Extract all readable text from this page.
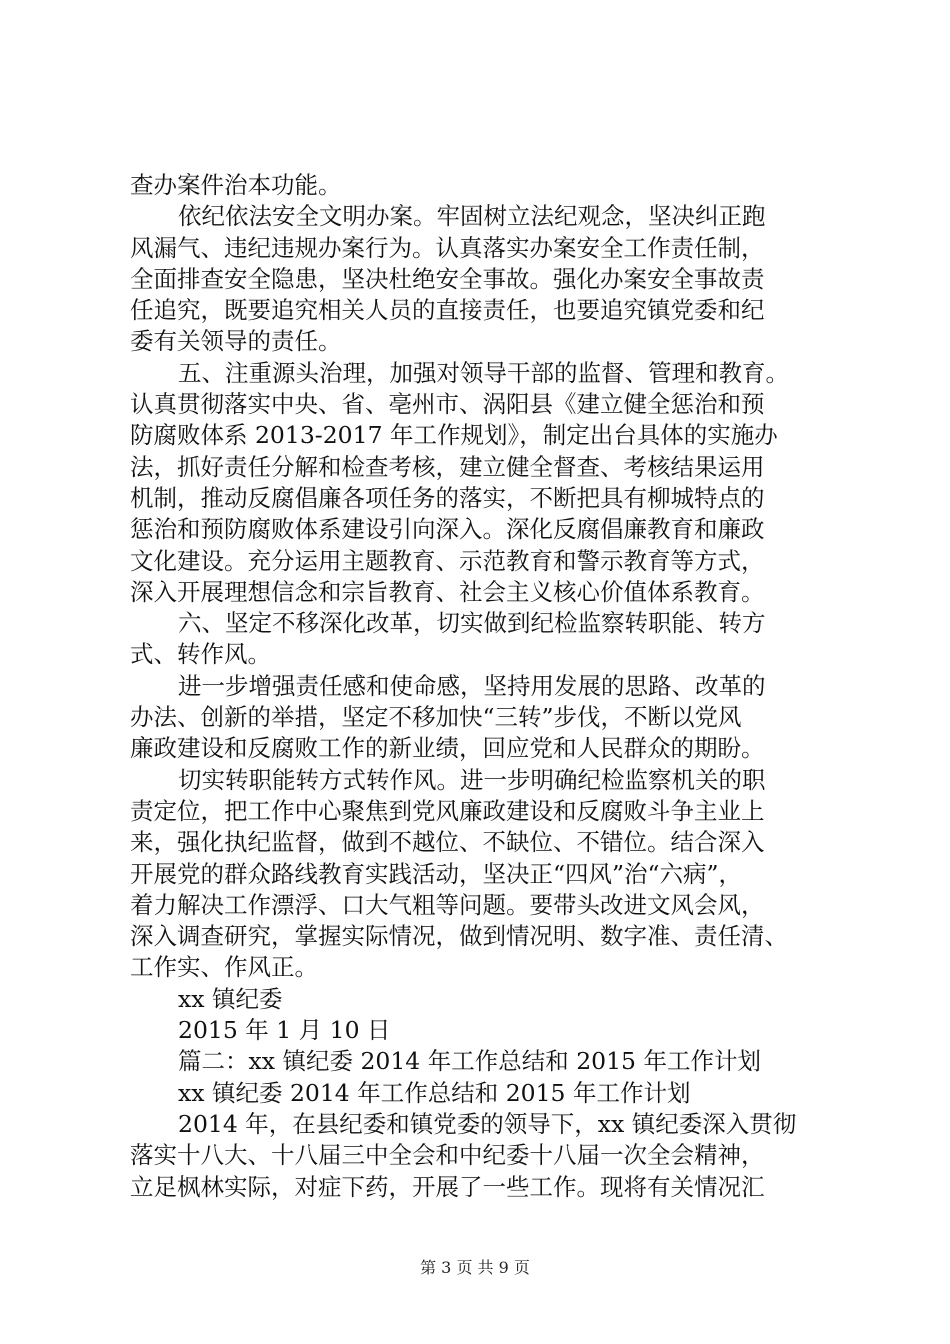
查办案件治本功能。
依纪依法安全文明办案。牢固树立法纪观念，坚决纠正跑
风漏气、违纪违规办案行为。认真落实办案安全工作责任制，
全面排查安全隐患，坚决杜绝安全事故。强化办案安全事故责
任追究，既要追究相关人员的直接责任，也要追究镇党委和纪
委有关领导的责任。
五、注重源头治理，加强对领导干部的监督、管理和教育。
认真贯彻落实中央、省、亳州市、涡阳县《建立健全惩治和预
防腐败体系 2013-2017 年工作规划》，制定出台具体的实施办
法，抓好责任分解和检查考核，建立健全督查、考核结果运用
机制，推动反腐倡廉各项任务的落实，不断把具有柳城特点的
惩治和预防腐败体系建设引向深入。深化反腐倡廉教育和廉政
文化建设。充分运用主题教育、示范教育和警示教育等方式，
深入开展理想信念和宗旨教育、社会主义核心价值体系教育。
六、坚定不移深化改革，切实做到纪检监察转职能、转方
式、转作风。
进一步增强责任感和使命感，坚持用发展的思路、改革的
办法、创新的举措，坚定不移加快“三转”步伐，不断以党风
廉政建设和反腐败工作的新业绩，回应党和人民群众的期盼。
切实转职能转方式转作风。进一步明确纪检监察机关的职
责定位，把工作中心聚焦到党风廉政建设和反腐败斗争主业上
来，强化执纪监督，做到不越位、不缺位、不错位。结合深入
开展党的群众路线教育实践活动，坚决正“四风”治“六病”，
着力解决工作漂浮、口大气粗等问题。要带头改进文风会风，
深入调查研究，掌握实际情况，做到情况明、数字准、责任清、
工作实、作风正。
xx 镇纪委
2015 年 1 月 10 日
篇二：xx 镇纪委 2014 年工作总结和 2015 年工作计划
xx 镇纪委 2014 年工作总结和 2015 年工作计划
2014 年，在县纪委和镇党委的领导下，xx 镇纪委深入贯彻
落实十八大、十八届三中全会和中纪委十八届一次全会精神，
立足枫林实际，对症下药，开展了一些工作。现将有关情况汇
第 3 页 共 9 页
